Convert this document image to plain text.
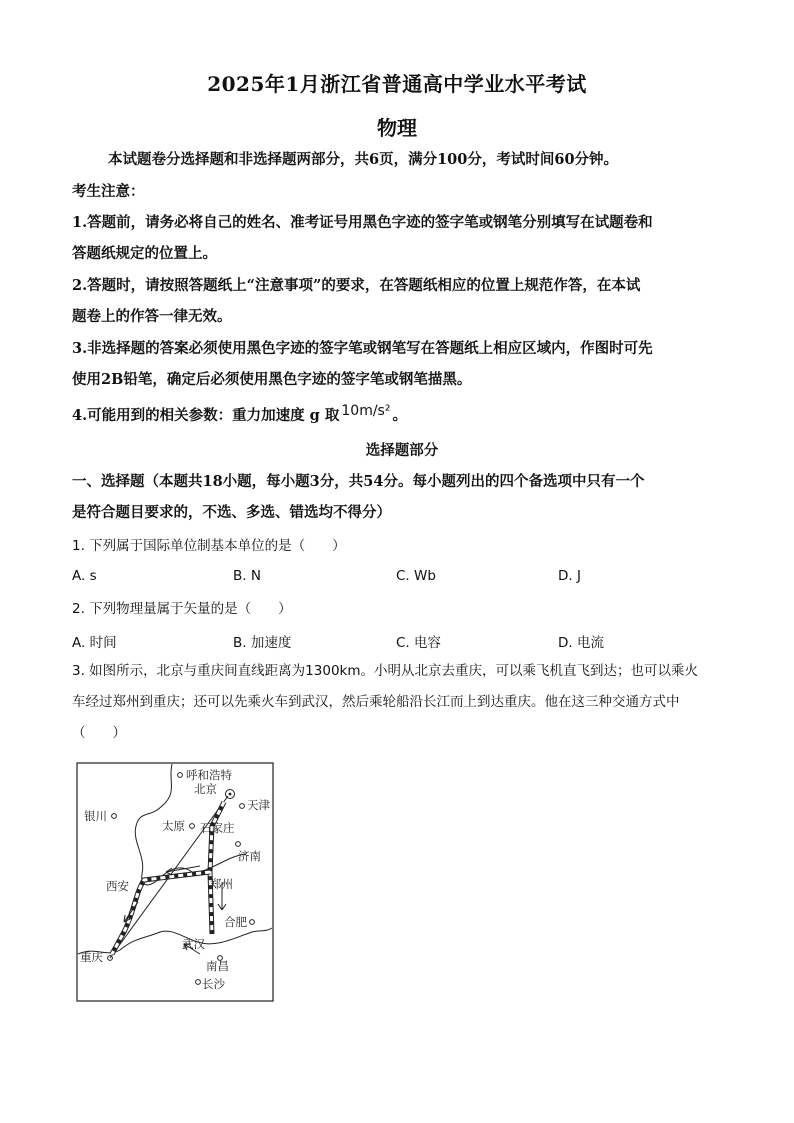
2025年1月浙江省普通高中学业水平考试
物理
本试题卷分选择题和非选择题两部分，共6页，满分100分，考试时间60分钟。
考生注意：
1.答题前，请务必将自己的姓名、准考证号用黑色字迹的签字笔或钢笔分别填写在试题卷和
答题纸规定的位置上。
2.答题时，请按照答题纸上“注意事项”的要求，在答题纸相应的位置上规范作答，在本试
题卷上的作答一律无效。
3.非选择题的答案必须使用黑色字迹的签字笔或钢笔写在答题纸上相应区域内，作图时可先
使用2B铅笔，确定后必须使用黑色字迹的签字笔或钢笔描黑。
4.可能用到的相关参数：重力加速度 g 取 10m/s² 。
选择题部分
一、选择题（本题共18小题，每小题3分，共54分。每小题列出的四个备选项中只有一个
是符合题目要求的，不选、多选、错选均不得分）
1. 下列属于国际单位制基本单位的是（　　）
A. s	B. N	C. Wb	D. J
2. 下列物理量属于矢量的是（　　）
A. 时间	B. 加速度	C. 电容	D. 电流
3. 如图所示，北京与重庆间直线距离为1300km。小明从北京去重庆，可以乘飞机直飞到达；也可以乘火
车经过郑州到重庆；还可以先乘火车到武汉，然后乘轮船沿长江而上到达重庆。他在这三种交通方式中
（　　）
呼和浩特
北京
天津
银川
太原 石家庄
济南
西安	郑州
合肥
武汉
重庆
南昌
长沙
